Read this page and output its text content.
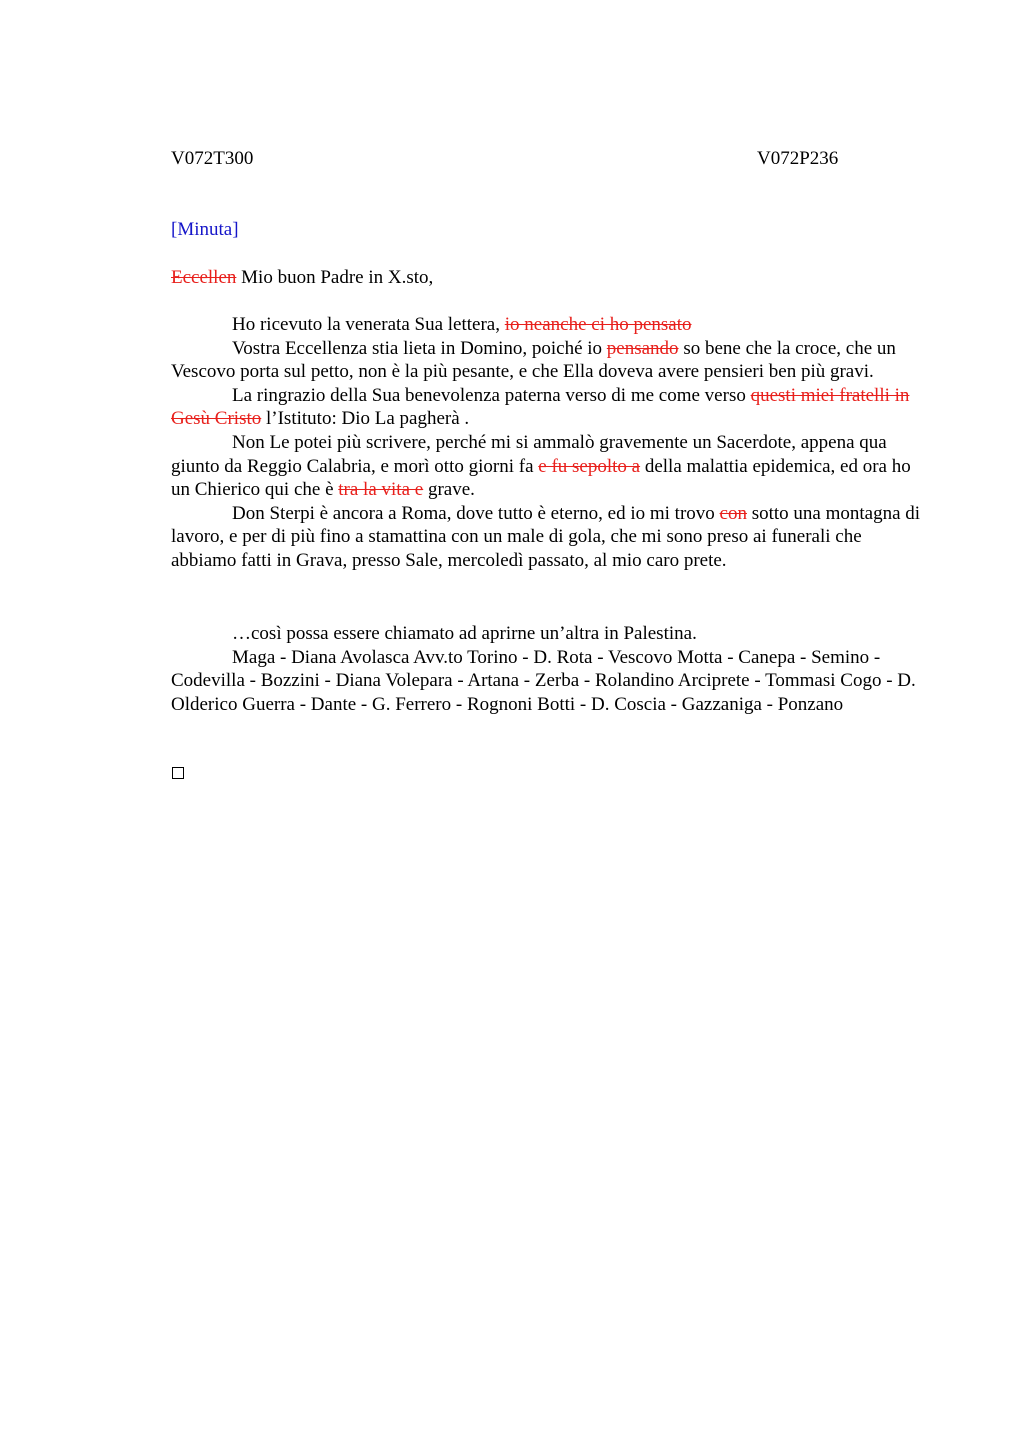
V072T300	V072P236
[Minuta]
Eccellen Mio buon Padre in X.sto,

Ho ricevuto la venerata Sua lettera, io neanche ci ho pensato

Vostra Eccellenza stia lieta in Domino, poiché io pensando so bene che la croce, che un Vescovo porta sul petto, non è la più pesante, e che Ella doveva avere pensieri ben più gravi.

La ringrazio della Sua benevolenza paterna verso di me come verso questi miei fratelli in Gesù Cristo l’Istituto: Dio La pagherà .

Non Le potei più scrivere, perché mi si ammalò gravemente un Sacerdote, appena qua giunto da Reggio Calabria, e morì otto giorni fa e fu sepolto a della malattia epidemica, ed ora ho un Chierico qui che è tra la vita e grave.

Don Sterpi è ancora a Roma, dove tutto è eterno, ed io mi trovo con sotto una montagna di lavoro, e per di più fino a stamattina con un male di gola, che mi sono preso ai funerali che abbiamo fatti in Grava, presso Sale, mercoledì passato, al mio caro prete.

…così possa essere chiamato ad aprirne un’altra in Palestina.

Maga - Diana Avolasca Avv.to Torino - D. Rota - Vescovo Motta - Canepa - Semino - Codevilla - Bozzini - Diana Volepara - Artana - Zerba - Rolandino Arciprete - Tommasi Cogo - D. Olderico Guerra - Dante - G. Ferrero - Rognoni Botti - D. Coscia - Gazzaniga - Ponzano
